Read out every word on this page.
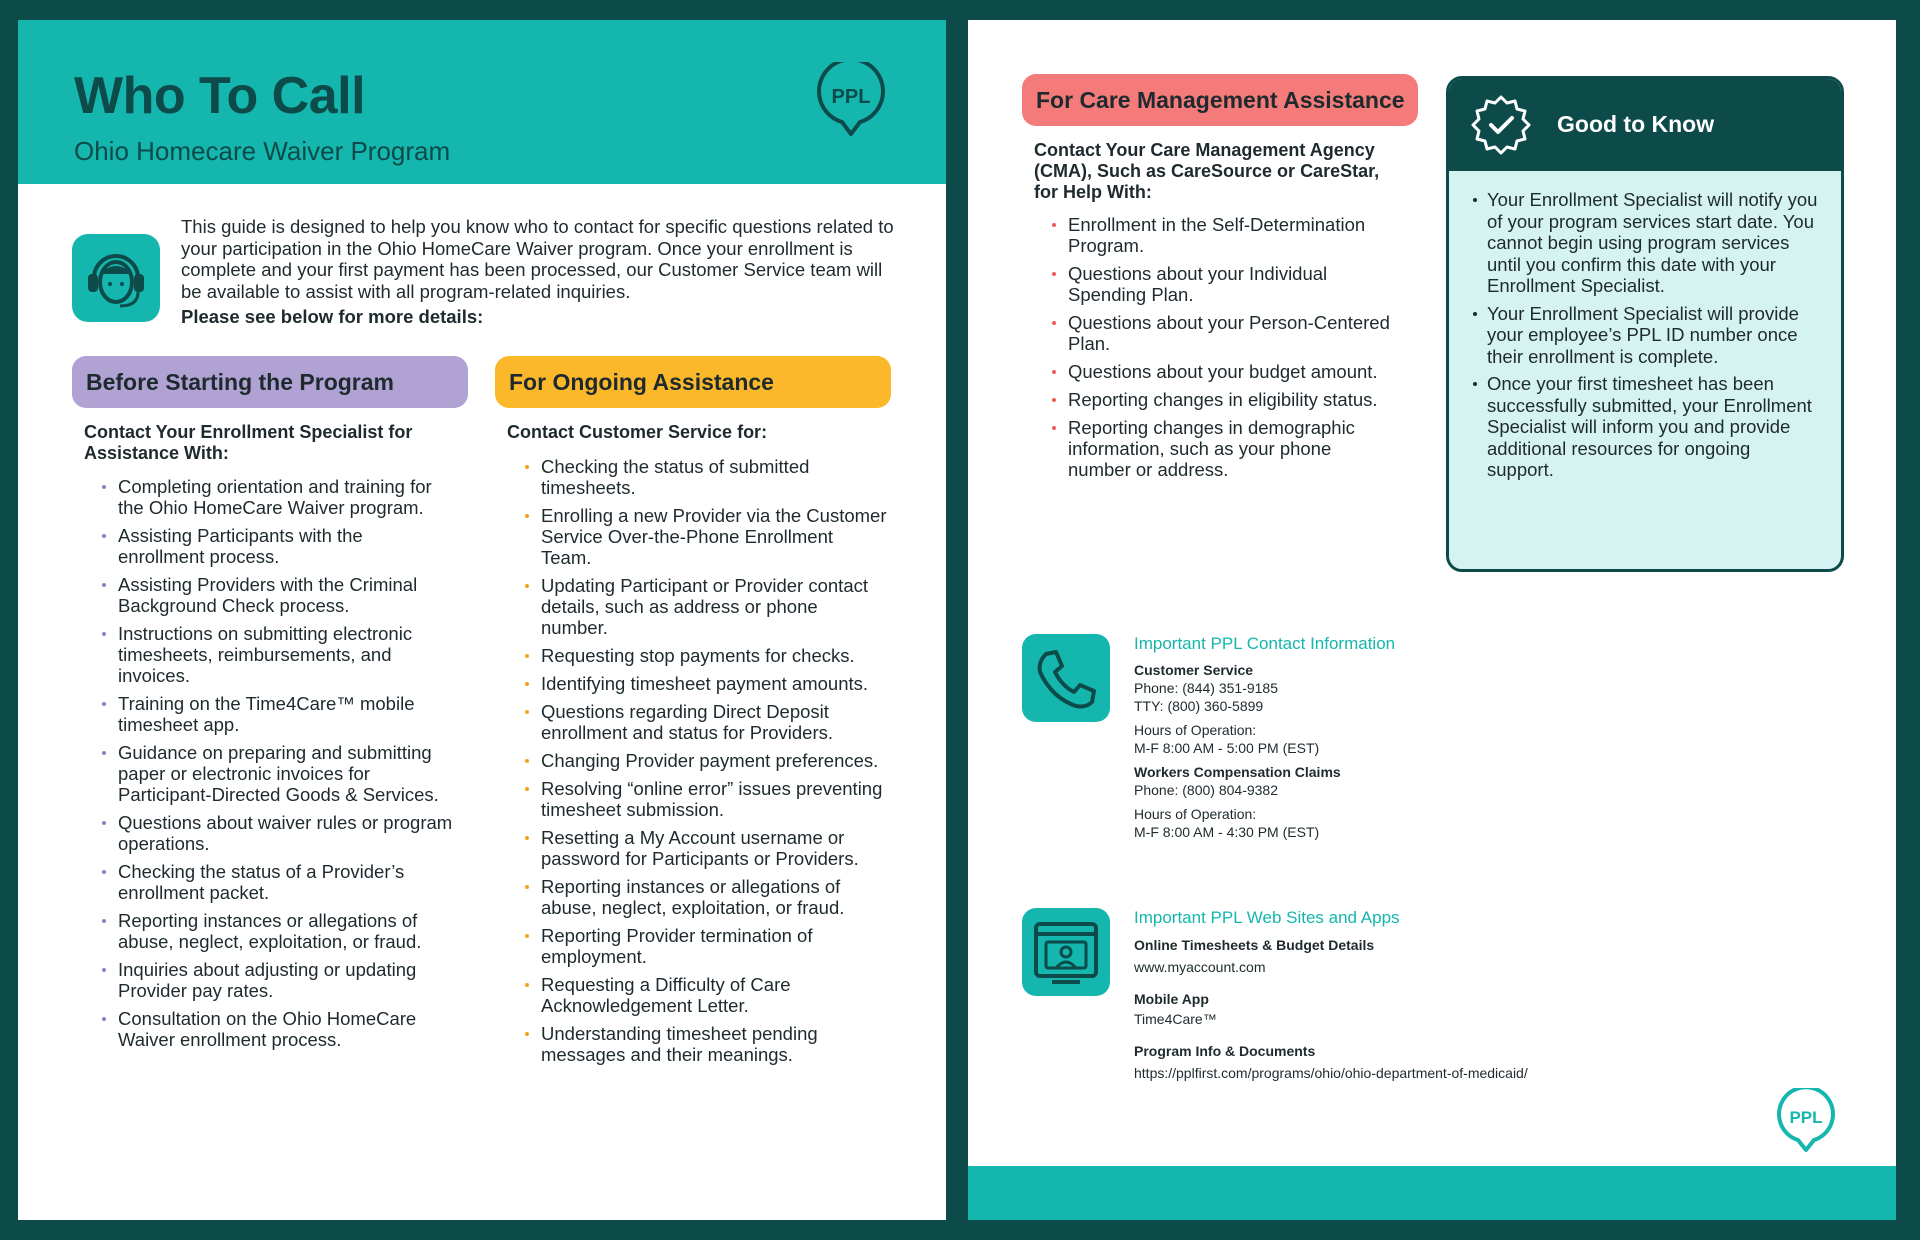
Who To Call
Ohio Homecare Waiver Program
PPL
This guide is designed to help you know who to contact for specific questions related to your participation in the Ohio HomeCare Waiver program. Once your enrollment is complete and your first payment has been processed, our Customer Service team will be available to assist with all program-related inquiries.
Please see below for more details:
Before Starting the Program
Contact Your Enrollment Specialist for Assistance With:
Completing orientation and training for the Ohio HomeCare Waiver program.
Assisting Participants with the enrollment process.
Assisting Providers with the Criminal Background Check process.
Instructions on submitting electronic timesheets, reimbursements, and invoices.
Training on the Time4Care™ mobile timesheet app.
Guidance on preparing and submitting paper or electronic invoices for Participant-Directed Goods & Services.
Questions about waiver rules or program operations.
Checking the status of a Provider’s enrollment packet.
Reporting instances or allegations of abuse, neglect, exploitation, or fraud.
Inquiries about adjusting or updating Provider pay rates.
Consultation on the Ohio HomeCare Waiver enrollment process.
For Ongoing Assistance
Contact Customer Service for:
Checking the status of submitted timesheets.
Enrolling a new Provider via the Customer Service Over-the-Phone Enrollment Team.
Updating Participant or Provider contact details, such as address or phone number.
Requesting stop payments for checks.
Identifying timesheet payment amounts.
Questions regarding Direct Deposit enrollment and status for Providers.
Changing Provider payment preferences.
Resolving “online error” issues preventing timesheet submission.
Resetting a My Account username or password for Participants or Providers.
Reporting instances or allegations of abuse, neglect, exploitation, or fraud.
Reporting Provider termination of employment.
Requesting a Difficulty of Care Acknowledgement Letter.
Understanding timesheet pending messages and their meanings.
For Care Management Assistance
Contact Your Care Management Agency (CMA), Such as CareSource or CareStar, for Help With:
Enrollment in the Self-Determination Program.
Questions about your Individual Spending Plan.
Questions about your Person-Centered Plan.
Questions about your budget amount.
Reporting changes in eligibility status.
Reporting changes in demographic information, such as your phone number or address.
Good to Know
Your Enrollment Specialist will notify you of your program services start date. You cannot begin using program services until you confirm this date with your Enrollment Specialist.
Your Enrollment Specialist will provide your employee’s PPL ID number once their enrollment is complete.
Once your first timesheet has been successfully submitted, your Enrollment Specialist will inform you and provide additional resources for ongoing support.
Important PPL Contact Information
Customer Service
Phone: (844) 351-9185
TTY: (800) 360-5899
Hours of Operation:
M-F 8:00 AM - 5:00 PM (EST)
Workers Compensation Claims
Phone: (800) 804-9382
Hours of Operation:
M-F 8:00 AM - 4:30 PM (EST)
Important PPL Web Sites and Apps
Online Timesheets & Budget Details
www.myaccount.com
Mobile App
Time4Care™
Program Info & Documents
https://pplfirst.com/programs/ohio/ohio-department-of-medicaid/
PPL
